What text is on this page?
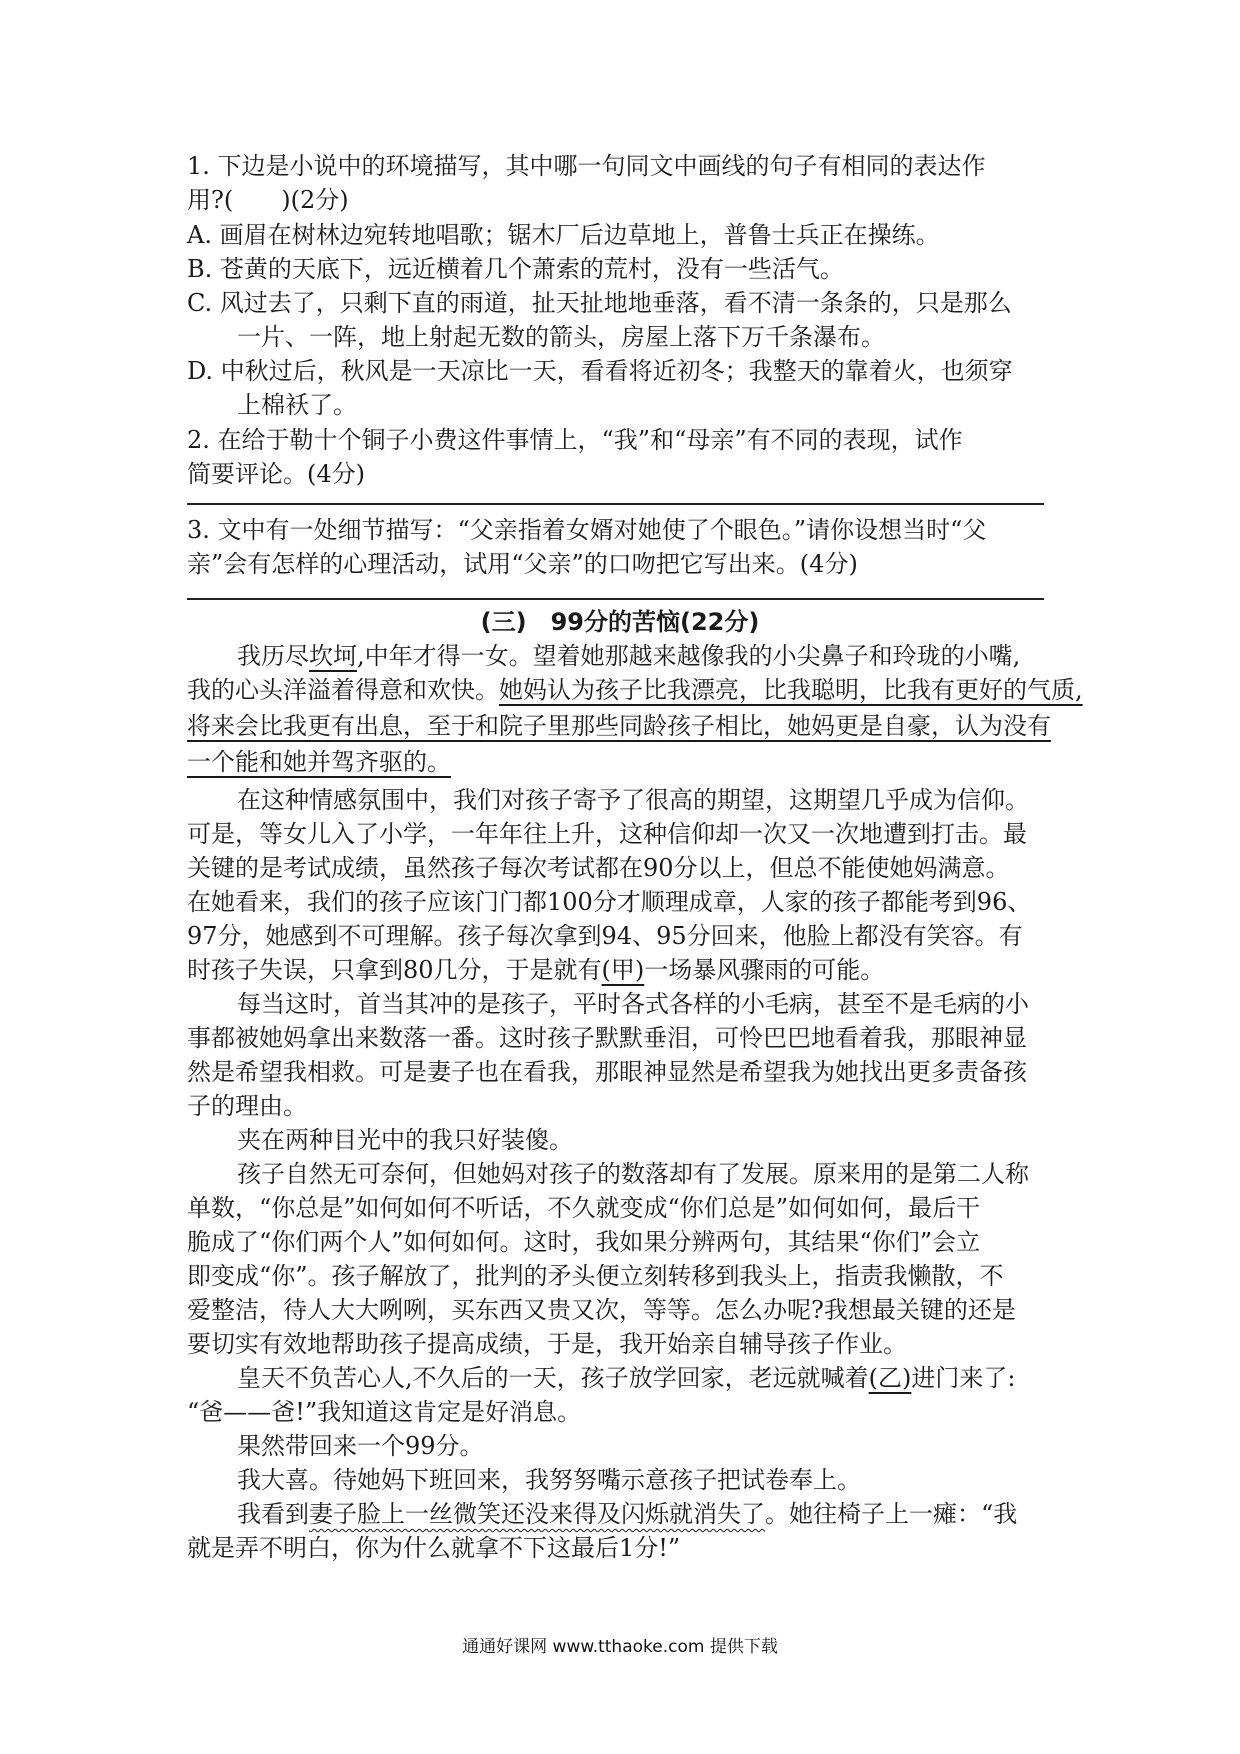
1. 下边是小说中的环境描写，其中哪一句同文中画线的句子有相同的表达作
用?(　　)(2分)
A. 画眉在树林边宛转地唱歌；锯木厂后边草地上，普鲁士兵正在操练。
B. 苍黄的天底下，远近横着几个萧索的荒村，没有一些活气。
C. 风过去了，只剩下直的雨道，扯天扯地地垂落，看不清一条条的，只是那么
一片、一阵，地上射起无数的箭头，房屋上落下万千条瀑布。
D. 中秋过后，秋风是一天凉比一天，看看将近初冬；我整天的靠着火，也须穿
上棉袄了。
2. 在给于勒十个铜子小费这件事情上，“我”和“母亲”有不同的表现，试作
简要评论。(4分)
3. 文中有一处细节描写：“父亲指着女婿对她使了个眼色。”请你设想当时“父
亲”会有怎样的心理活动，试用“父亲”的口吻把它写出来。(4分)
(三)　99分的苦恼(22分)
我历尽坎坷,中年才得一女。望着她那越来越像我的小尖鼻子和玲珑的小嘴,
我的心头洋溢着得意和欢快。她妈认为孩子比我漂亮，比我聪明，比我有更好的气质,
将来会比我更有出息，至于和院子里那些同龄孩子相比，她妈更是自豪，认为没有
一个能和她并驾齐驱的。
在这种情感氛围中，我们对孩子寄予了很高的期望，这期望几乎成为信仰。
可是，等女儿入了小学，一年年往上升，这种信仰却一次又一次地遭到打击。最
关键的是考试成绩，虽然孩子每次考试都在90分以上，但总不能使她妈满意。
在她看来，我们的孩子应该门门都100分才顺理成章，人家的孩子都能考到96、
97分，她感到不可理解。孩子每次拿到94、95分回来，他脸上都没有笑容。有
时孩子失误，只拿到80几分，于是就有(甲)一场暴风骤雨的可能。
每当这时，首当其冲的是孩子，平时各式各样的小毛病，甚至不是毛病的小
事都被她妈拿出来数落一番。这时孩子默默垂泪，可怜巴巴地看着我，那眼神显
然是希望我相救。可是妻子也在看我，那眼神显然是希望我为她找出更多责备孩
子的理由。
夹在两种目光中的我只好装傻。
孩子自然无可奈何，但她妈对孩子的数落却有了发展。原来用的是第二人称
单数，“你总是”如何如何不听话，不久就变成“你们总是”如何如何，最后干
脆成了“你们两个人”如何如何。这时，我如果分辨两句，其结果“你们”会立
即变成“你”。孩子解放了，批判的矛头便立刻转移到我头上，指责我懒散，不
爱整洁，待人大大咧咧，买东西又贵又次，等等。怎么办呢?我想最关键的还是
要切实有效地帮助孩子提高成绩，于是，我开始亲自辅导孩子作业。
皇天不负苦心人,不久后的一天，孩子放学回家，老远就喊着(乙)进门来了:
“爸——爸!”我知道这肯定是好消息。
果然带回来一个99分。
我大喜。待她妈下班回来，我努努嘴示意孩子把试卷奉上。
我看到妻子脸上一丝微笑还没来得及闪烁就消失了。她往椅子上一瘫：“我
就是弄不明白，你为什么就拿不下这最后1分!”
通通好课网 www.tthaoke.com 提供下载
